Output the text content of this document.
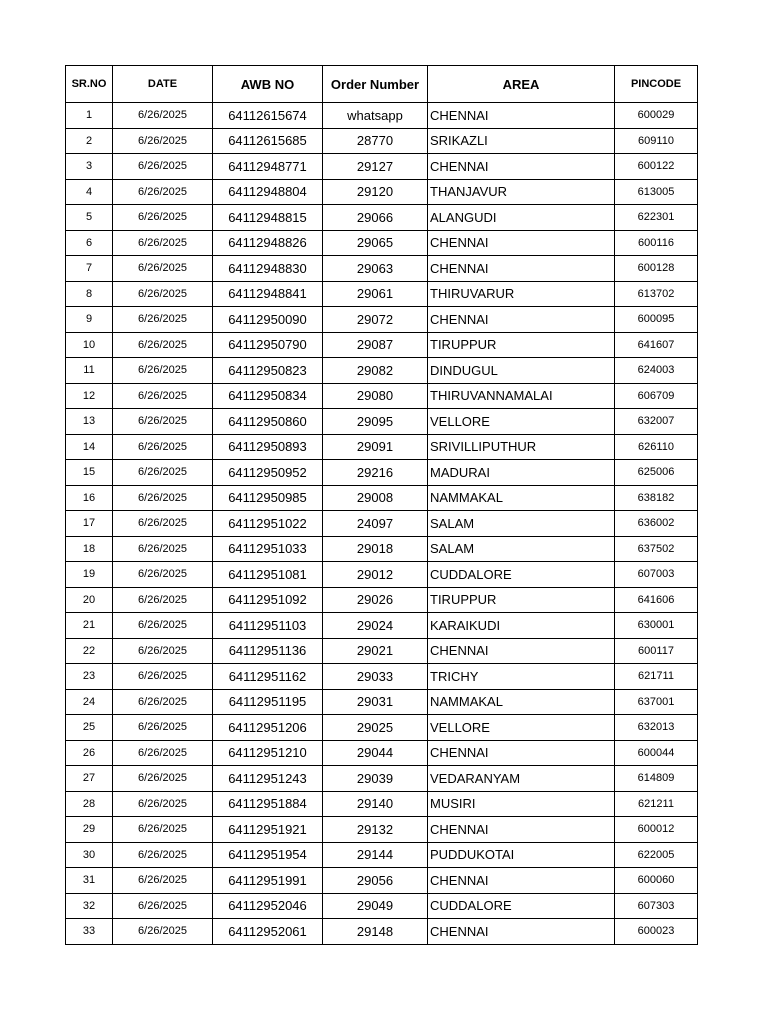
SR.NO	DATE	AWB NO	Order Number	AREA	PINCODE
1	6/26/2025	64112615674	whatsapp	CHENNAI	600029
2	6/26/2025	64112615685	28770	SRIKAZLI	609110
3	6/26/2025	64112948771	29127	CHENNAI	600122
4	6/26/2025	64112948804	29120	THANJAVUR	613005
5	6/26/2025	64112948815	29066	ALANGUDI	622301
6	6/26/2025	64112948826	29065	CHENNAI	600116
7	6/26/2025	64112948830	29063	CHENNAI	600128
8	6/26/2025	64112948841	29061	THIRUVARUR	613702
9	6/26/2025	64112950090	29072	CHENNAI	600095
10	6/26/2025	64112950790	29087	TIRUPPUR	641607
11	6/26/2025	64112950823	29082	DINDUGUL	624003
12	6/26/2025	64112950834	29080	THIRUVANNAMALAI	606709
13	6/26/2025	64112950860	29095	VELLORE	632007
14	6/26/2025	64112950893	29091	SRIVILLIPUTHUR	626110
15	6/26/2025	64112950952	29216	MADURAI	625006
16	6/26/2025	64112950985	29008	NAMMAKAL	638182
17	6/26/2025	64112951022	24097	SALAM	636002
18	6/26/2025	64112951033	29018	SALAM	637502
19	6/26/2025	64112951081	29012	CUDDALORE	607003
20	6/26/2025	64112951092	29026	TIRUPPUR	641606
21	6/26/2025	64112951103	29024	KARAIKUDI	630001
22	6/26/2025	64112951136	29021	CHENNAI	600117
23	6/26/2025	64112951162	29033	TRICHY	621711
24	6/26/2025	64112951195	29031	NAMMAKAL	637001
25	6/26/2025	64112951206	29025	VELLORE	632013
26	6/26/2025	64112951210	29044	CHENNAI	600044
27	6/26/2025	64112951243	29039	VEDARANYAM	614809
28	6/26/2025	64112951884	29140	MUSIRI	621211
29	6/26/2025	64112951921	29132	CHENNAI	600012
30	6/26/2025	64112951954	29144	PUDDUKOTAI	622005
31	6/26/2025	64112951991	29056	CHENNAI	600060
32	6/26/2025	64112952046	29049	CUDDALORE	607303
33	6/26/2025	64112952061	29148	CHENNAI	600023
